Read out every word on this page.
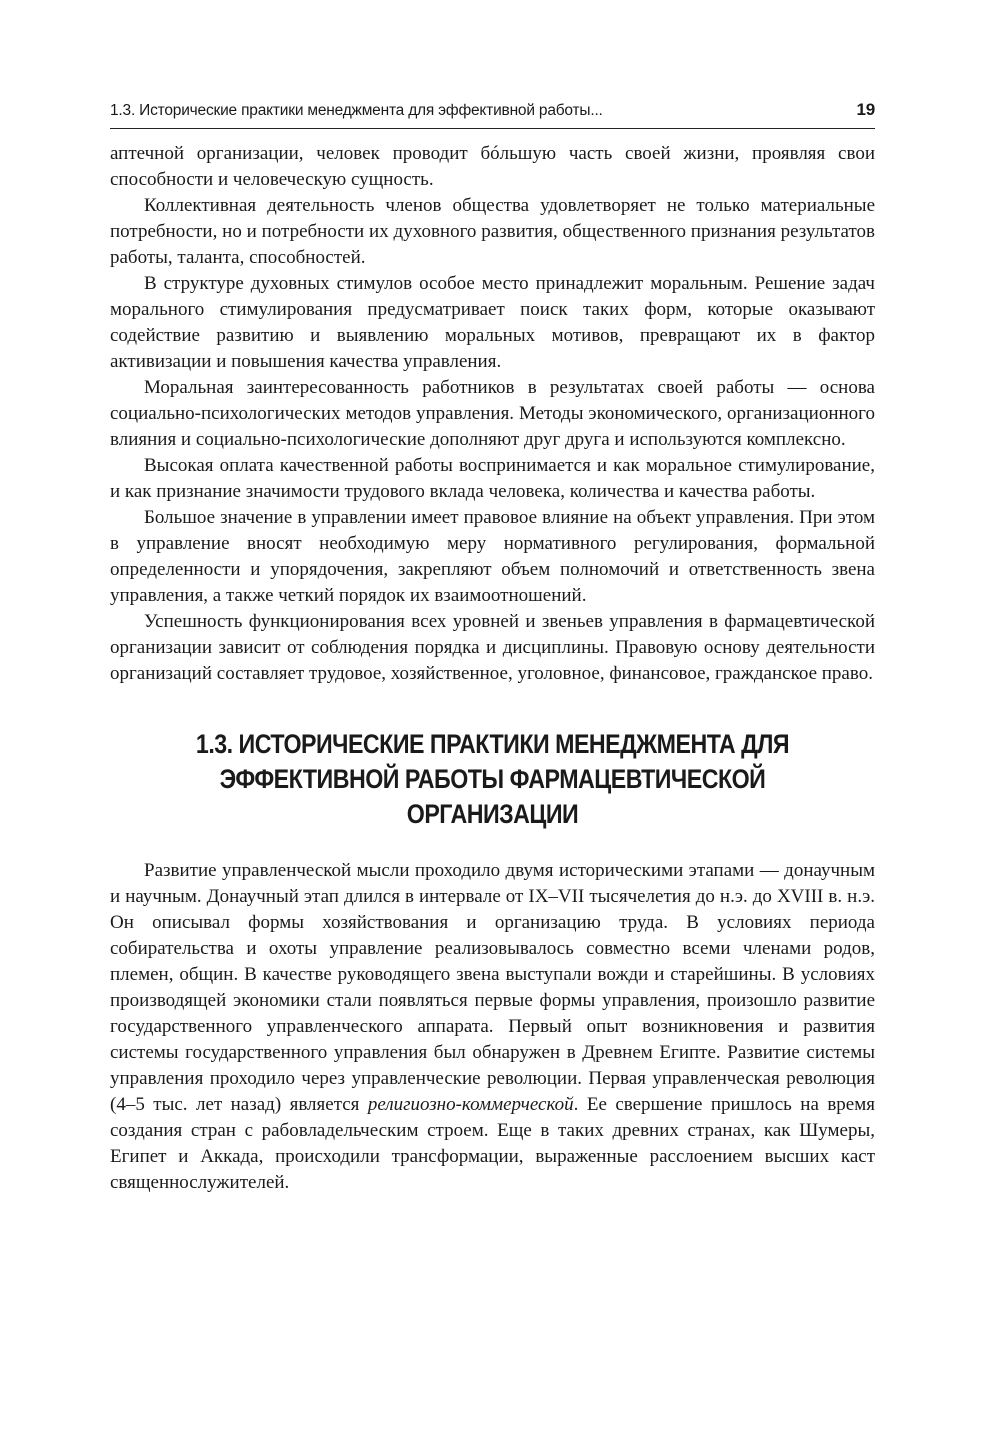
1.3. Исторические практики менеджмента для эффективной работы...	19

аптечной организации, человек проводит бóльшую часть своей жизни, проявляя свои способности и человеческую сущность.

Коллективная деятельность членов общества удовлетворяет не только материальные потребности, но и потребности их духовного развития, общественного признания результатов работы, таланта, способностей.

В структуре духовных стимулов особое место принадлежит моральным. Решение задач морального стимулирования предусматривает поиск таких форм, которые оказывают содействие развитию и выявлению моральных мотивов, превращают их в фактор активизации и повышения качества управления.

Моральная заинтересованность работников в результатах своей работы — основа социально-психологических методов управления. Методы экономического, организационного влияния и социально-психологические дополняют друг друга и используются комплексно.

Высокая оплата качественной работы воспринимается и как моральное стимулирование, и как признание значимости трудового вклада человека, количества и качества работы.

Большое значение в управлении имеет правовое влияние на объект управления. При этом в управление вносят необходимую меру нормативного регулирования, формальной определенности и упорядочения, закрепляют объем полномочий и ответственность звена управления, а также четкий порядок их взаимоотношений.

Успешность функционирования всех уровней и звеньев управления в фармацевтической организации зависит от соблюдения порядка и дисциплины. Правовую основу деятельности организаций составляет трудовое, хозяйственное, уголовное, финансовое, гражданское право.

1.3. ИСТОРИЧЕСКИЕ ПРАКТИКИ МЕНЕДЖМЕНТА ДЛЯ
ЭФФЕКТИВНОЙ РАБОТЫ ФАРМАЦЕВТИЧЕСКОЙ ОРГАНИЗАЦИИ

Развитие управленческой мысли проходило двумя историческими этапами — донаучным и научным. Донаучный этап длился в интервале от IX–VII тысячелетия до н.э. до XVIII в. н.э. Он описывал формы хозяйствования и организацию труда. В условиях периода собирательства и охоты управление реализовывалось совместно всеми членами родов, племен, общин. В качестве руководящего звена выступали вожди и старейшины. В условиях производящей экономики стали появляться первые формы управления, произошло развитие государственного управленческого аппарата. Первый опыт возникновения и развития системы государственного управления был обнаружен в Древнем Египте. Развитие системы управления проходило через управленческие революции. Первая управленческая революция (4–5 тыс. лет назад) является религиозно-коммерческой. Ее свершение пришлось на время создания стран с рабовладельческим строем. Еще в таких древних странах, как Шумеры, Египет и Аккада, происходили трансформации, выраженные расслоением высших каст священнослужителей.
